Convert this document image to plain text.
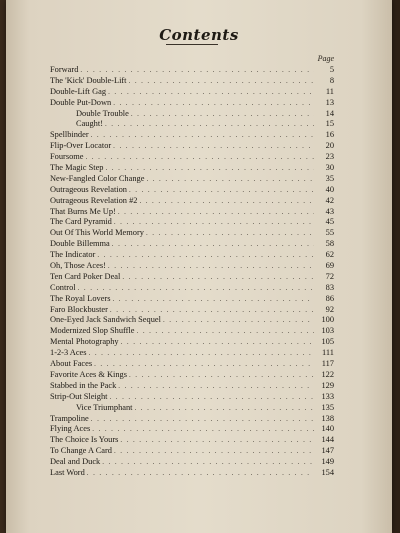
Contents
Page
Forward . . .	5
The 'Kick' Double-Lift . . .	8
Double-Lift Gag . . .	11
Double Put-Down . . .	13
Double Trouble . . .	14
Caught! . . .	15
Spellbinder . . .	16
Flip-Over Locator . . .	20
Foursome . . .	23
The Magic Step . . .	30
New-Fangled Color Change . . .	35
Outrageous Revelation . . .	40
Outrageous Revelation #2 . . .	42
That Burns Me Up! . . .	43
The Card Pyramid . . .	45
Out Of This World Memory . . .	55
Double Billemma . . .	58
The Indicator . . .	62
Oh, Those Aces! . . .	69
Ten Card Poker Deal . . .	72
Control . . .	83
The Royal Lovers . . .	86
Faro Blockbuster . . .	92
One-Eyed Jack Sandwich Sequel . . .	100
Modernized Slop Shuffle . . .	103
Mental Photography . . .	105
1-2-3 Aces . . .	111
About Faces . . .	117
Favorite Aces & Kings . . .	122
Stabbed in the Pack . . .	129
Strip-Out Sleight . . .	133
Vice Triumphant . . .	135
Trampoline . . .	138
Flying Aces . . .	140
The Choice Is Yours . . .	144
To Change A Card . . .	147
Deal and Duck . . .	149
Last Word . . .	154
